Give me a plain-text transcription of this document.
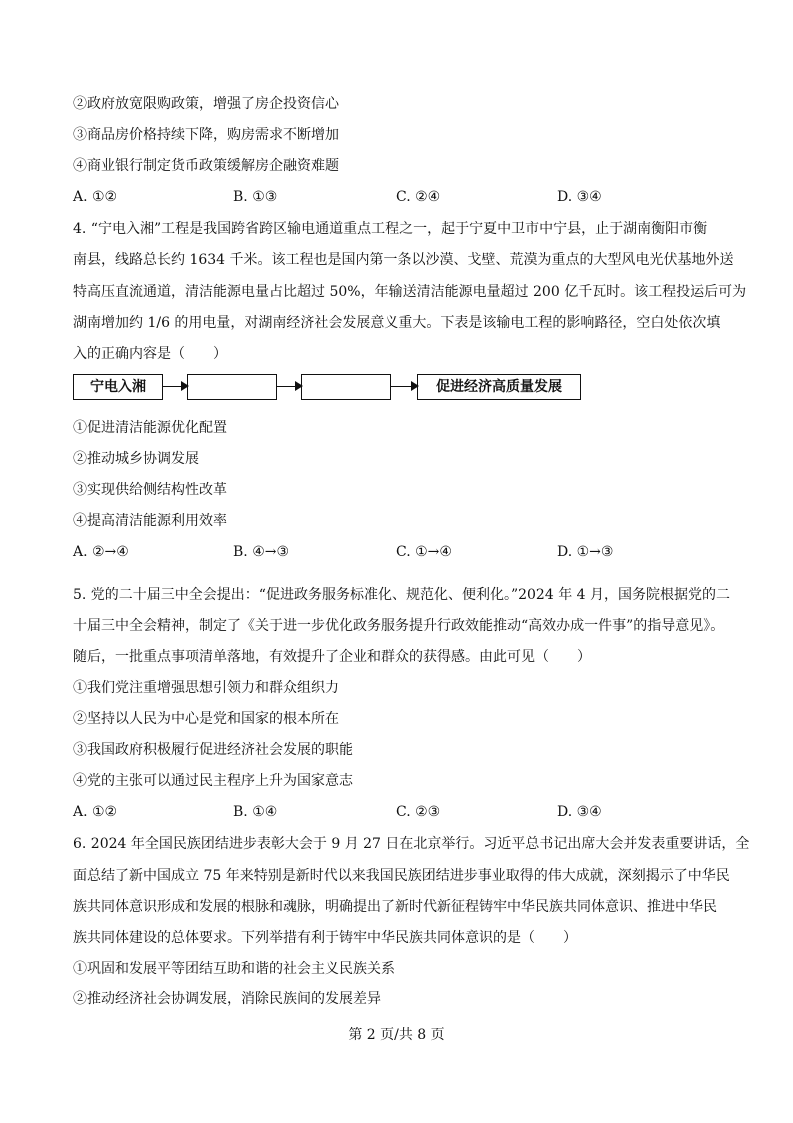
②政府放宽限购政策，增强了房企投资信心
③商品房价格持续下降，购房需求不断增加
④商业银行制定货币政策缓解房企融资难题
A. ①②	B. ①③	C. ②④	D. ③④
4. “宁电入湘”工程是我国跨省跨区输电通道重点工程之一，起于宁夏中卫市中宁县，止于湖南衡阳市衡
南县，线路总长约 1634 千米。该工程也是国内第一条以沙漠、戈壁、荒漠为重点的大型风电光伏基地外送
特高压直流通道，清洁能源电量占比超过 50%，年输送清洁能源电量超过 200 亿千瓦时。该工程投运后可为
湖南增加约 1/6 的用电量，对湖南经济社会发展意义重大。下表是该输电工程的影响路径，空白处依次填
入的正确内容是（　　）
宁电入湘	促进经济高质量发展
①促进清洁能源优化配置
②推动城乡协调发展
③实现供给侧结构性改革
④提高清洁能源利用效率
A. ②→④	B. ④→③	C. ①→④	D. ①→③
5. 党的二十届三中全会提出：“促进政务服务标准化、规范化、便利化。”2024 年 4 月，国务院根据党的二
十届三中全会精神，制定了《关于进一步优化政务服务提升行政效能推动“高效办成一件事”的指导意见》。
随后，一批重点事项清单落地，有效提升了企业和群众的获得感。由此可见（　　）
①我们党注重增强思想引领力和群众组织力
②坚持以人民为中心是党和国家的根本所在
③我国政府积极履行促进经济社会发展的职能
④党的主张可以通过民主程序上升为国家意志
A. ①②	B. ①④	C. ②③	D. ③④
6. 2024 年全国民族团结进步表彰大会于 9 月 27 日在北京举行。习近平总书记出席大会并发表重要讲话，全
面总结了新中国成立 75 年来特别是新时代以来我国民族团结进步事业取得的伟大成就，深刻揭示了中华民
族共同体意识形成和发展的根脉和魂脉，明确提出了新时代新征程铸牢中华民族共同体意识、推进中华民
族共同体建设的总体要求。下列举措有利于铸牢中华民族共同体意识的是（　　）
①巩固和发展平等团结互助和谐的社会主义民族关系
②推动经济社会协调发展，消除民族间的发展差异
第 2 页/共 8 页
